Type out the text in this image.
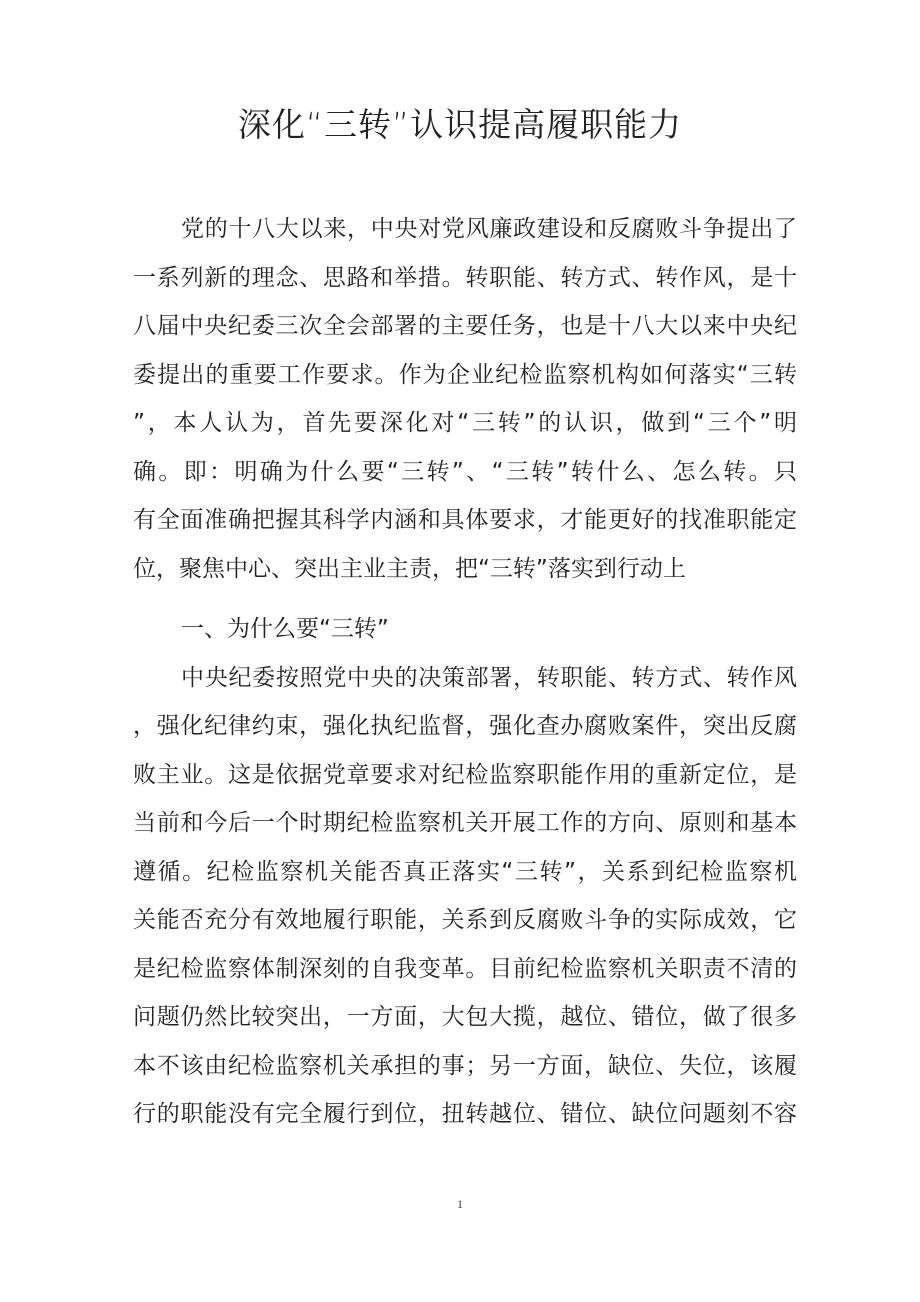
深化“三转”认识提高履职能力
党的十八大以来，中央对党风廉政建设和反腐败斗争提出了
一系列新的理念、思路和举措。转职能、转方式、转作风，是十
八届中央纪委三次全会部署的主要任务，也是十八大以来中央纪
委提出的重要工作要求。作为企业纪检监察机构如何落实“三转
”，本人认为，首先要深化对“三转”的认识，做到“三个”明
确。即：明确为什么要“三转”、“三转”转什么、怎么转。只
有全面准确把握其科学内涵和具体要求，才能更好的找准职能定
位，聚焦中心、突出主业主责，把“三转”落实到行动上
一、为什么要“三转”
中央纪委按照党中央的决策部署，转职能、转方式、转作风
，强化纪律约束，强化执纪监督，强化查办腐败案件，突出反腐
败主业。这是依据党章要求对纪检监察职能作用的重新定位，是
当前和今后一个时期纪检监察机关开展工作的方向、原则和基本
遵循。纪检监察机关能否真正落实“三转”，关系到纪检监察机
关能否充分有效地履行职能，关系到反腐败斗争的实际成效，它
是纪检监察体制深刻的自我变革。目前纪检监察机关职责不清的
问题仍然比较突出，一方面，大包大揽，越位、错位，做了很多
本不该由纪检监察机关承担的事；另一方面，缺位、失位，该履
行的职能没有完全履行到位，扭转越位、错位、缺位问题刻不容
1
